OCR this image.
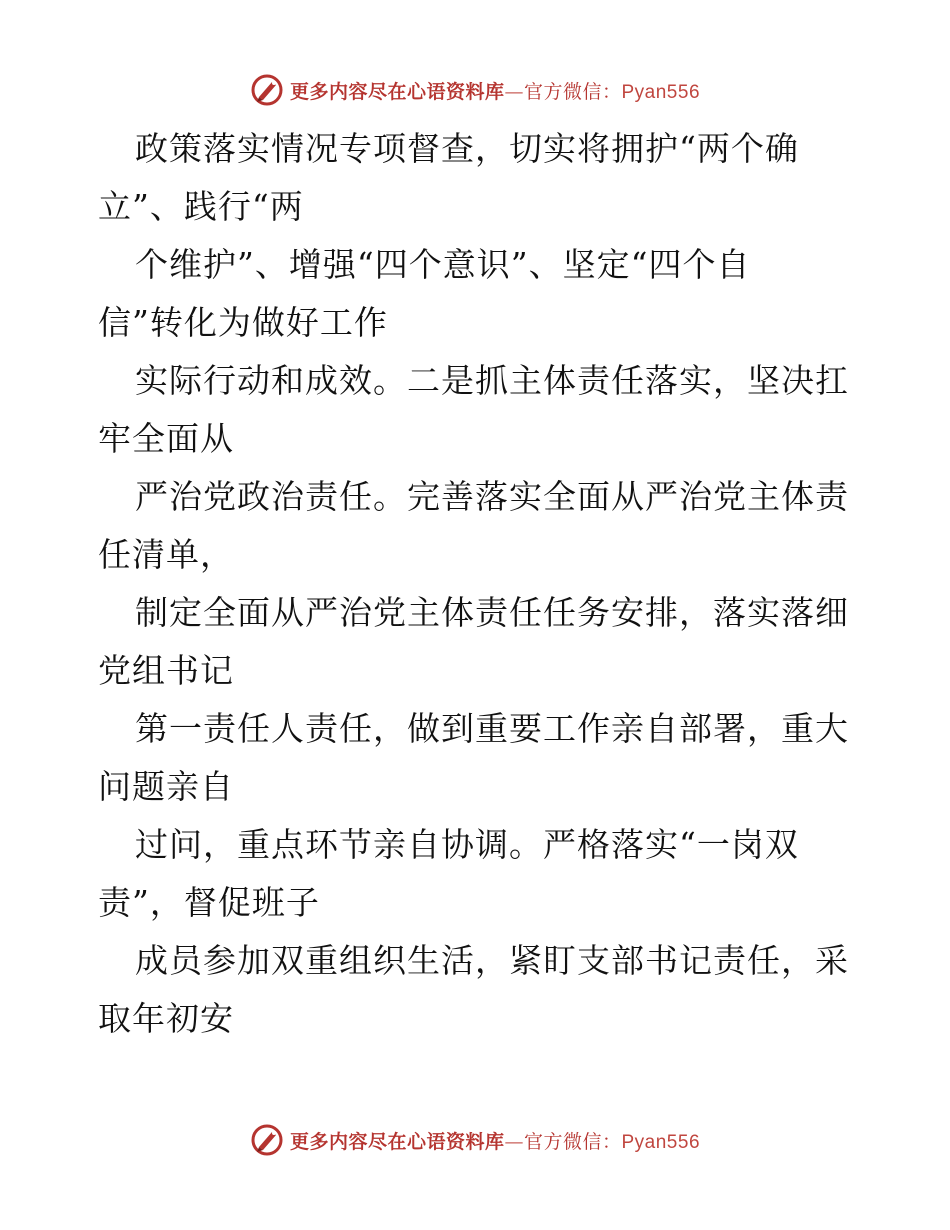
更多内容尽在心语资料库—官方微信：Pyan556

政策落实情况专项督查，切实将拥护“两个确
立”、践行“两

个维护”、增强“四个意识”、坚定“四个自
信”转化为做好工作

实际行动和成效。二是抓主体责任落实，坚决扛
牢全面从

严治党政治责任。完善落实全面从严治党主体责
任清单，

制定全面从严治党主体责任任务安排，落实落细
党组书记

第一责任人责任，做到重要工作亲自部署，重大
问题亲自

过问，重点环节亲自协调。严格落实“一岗双
责”，督促班子

成员参加双重组织生活，紧盯支部书记责任，采
取年初安

更多内容尽在心语资料库—官方微信：Pyan556
